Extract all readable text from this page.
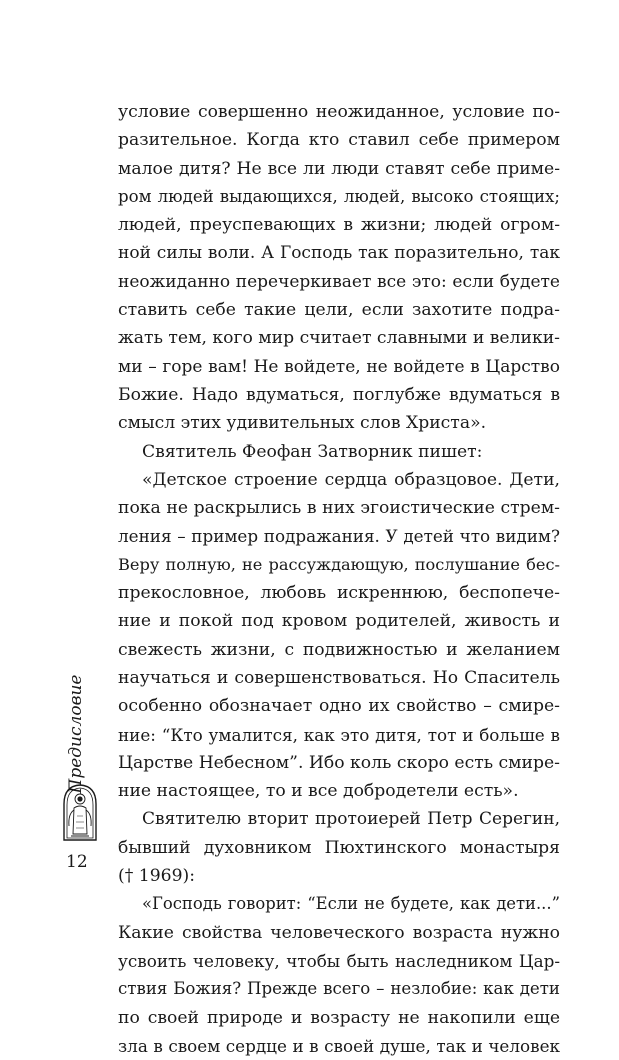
условие совершенно неожиданное, условие по-
разительное. Когда кто ставил себе примером
малое дитя? Не все ли люди ставят себе приме-
ром людей выдающихся, людей, высоко стоящих;
людей, преуспевающих в жизни; людей огром-
ной силы воли. А Господь так поразительно, так
неожиданно перечеркивает все это: если будете
ставить себе такие цели, если захотите подра-
жать тем, кого мир считает славными и велики-
ми – горе вам! Не войдете, не войдете в Царство
Божие. Надо вдуматься, поглубже вдуматься в
смысл этих удивительных слов Христа».
Святитель Феофан Затворник пишет:
«Детское строение сердца образцовое. Дети,
пока не раскрылись в них эгоистические стрем-
ления – пример подражания. У детей что видим?
Веру полную, не рассуждающую, послушание бес-
прекословное, любовь искреннюю, беспопече-
ние и покой под кровом родителей, живость и
свежесть жизни, с подвижностью и желанием
научаться и совершенствоваться. Но Спаситель
особенно обозначает одно их свойство – смире-
ние: “Кто умалится, как это дитя, тот и больше в
Царстве Небесном”. Ибо коль скоро есть смире-
ние настоящее, то и все добродетели есть».
Святителю вторит протоиерей Петр Серегин,
бывший духовником Пюхтинского монастыря
(† 1969):
«Господь говорит: “Если не будете, как дети...”
Какие свойства человеческого возраста нужно
усвоить человеку, чтобы быть наследником Цар-
ствия Божия? Прежде всего – незлобие: как дети
по своей природе и возрасту не накопили еще
зла в своем сердце и в своей душе, так и человек
Предисловие
12
